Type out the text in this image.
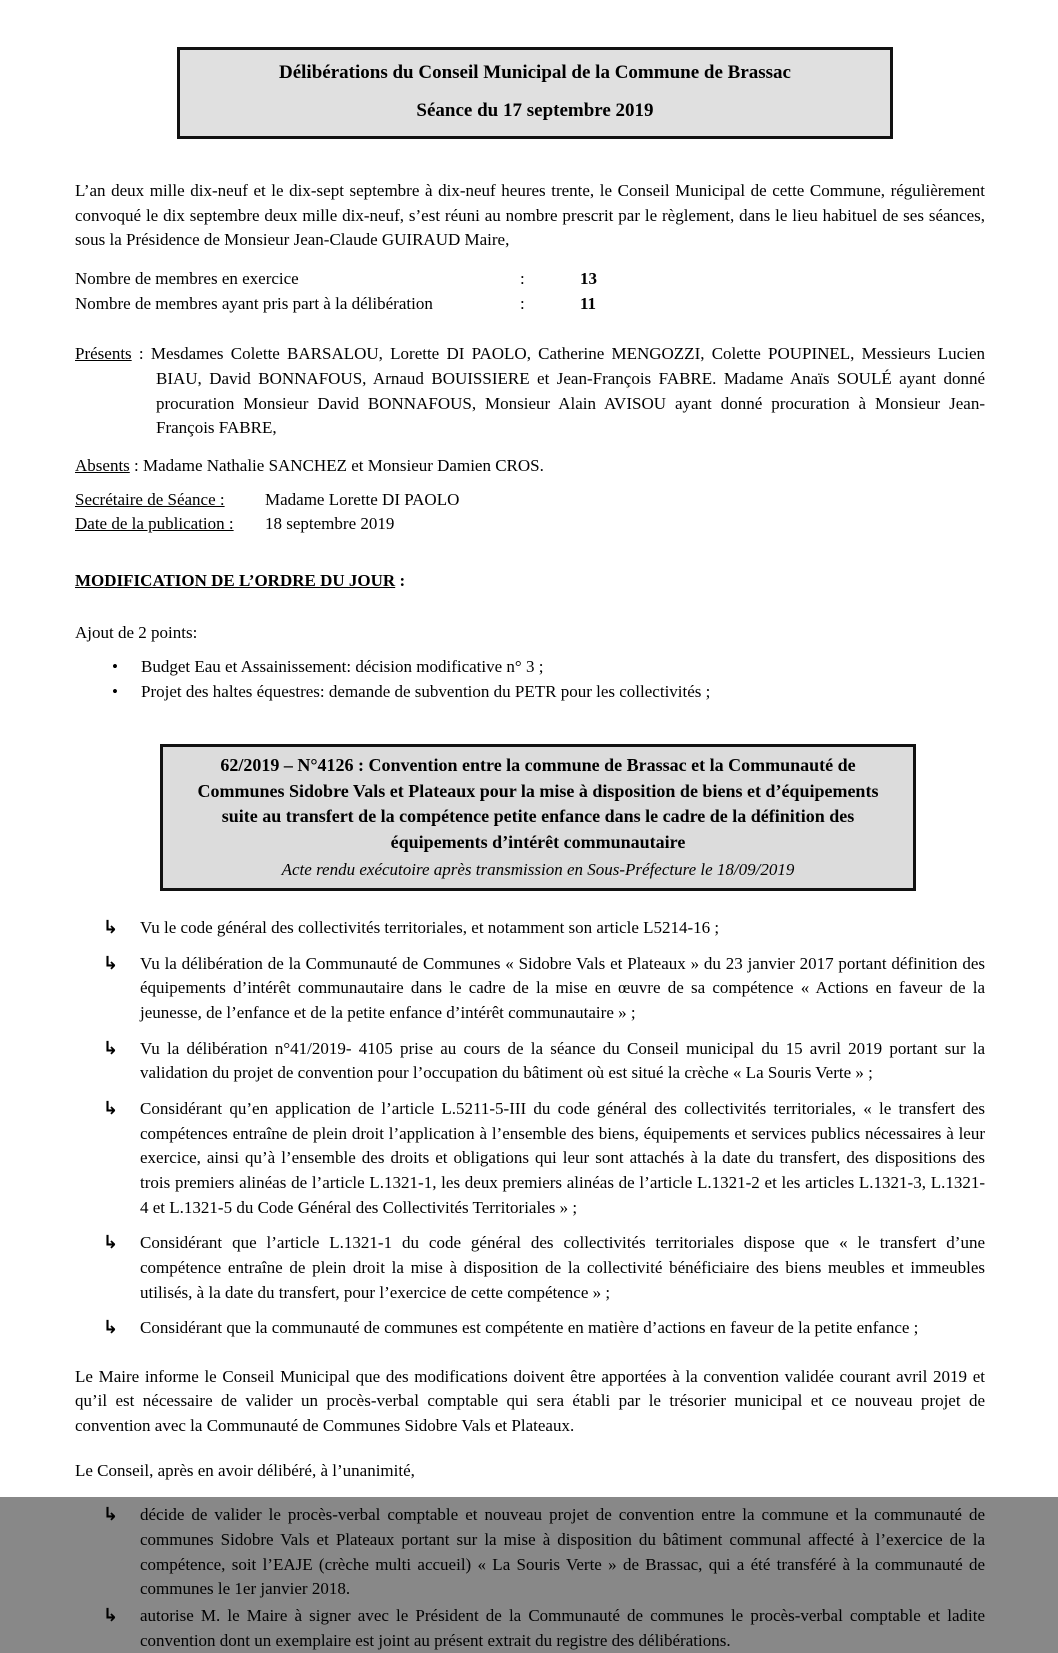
Délibérations du Conseil Municipal de la Commune de Brassac
Séance du 17 septembre 2019

L’an deux mille dix-neuf et le dix-sept septembre à dix-neuf heures trente, le Conseil Municipal de cette Commune, régulièrement convoqué le dix septembre deux mille dix-neuf, s’est réuni au nombre prescrit par le règlement, dans le lieu habituel de ses séances, sous la Présidence de Monsieur Jean-Claude GUIRAUD Maire,

Nombre de membres en exercice	:	13
Nombre de membres ayant pris part à la délibération	:	11

Présents : Mesdames Colette BARSALOU, Lorette DI PAOLO, Catherine MENGOZZI, Colette POUPINEL, Messieurs Lucien BIAU, David BONNAFOUS, Arnaud BOUISSIERE et Jean-François FABRE. Madame Anaïs SOULÉ ayant donné procuration Monsieur David BONNAFOUS, Monsieur Alain AVISOU ayant donné procuration à Monsieur Jean-François FABRE,

Absents : Madame Nathalie SANCHEZ et Monsieur Damien CROS.

Secrétaire de Séance :	Madame Lorette DI PAOLO
Date de la publication :	18 septembre 2019

MODIFICATION DE L’ORDRE DU JOUR :

Ajout de 2 points:

•	Budget Eau et Assainissement: décision modificative n° 3 ;
•	Projet des haltes équestres: demande de subvention du PETR pour les collectivités ;
62/2019 – N°4126 : Convention entre la commune de Brassac et la Communauté de Communes Sidobre Vals et Plateaux pour la mise à disposition de biens et d’équipements suite au transfert de la compétence petite enfance dans le cadre de la définition des équipements d’intérêt communautaire
Acte rendu exécutoire après transmission en Sous-Préfecture le 18/09/2019
↳	Vu le code général des collectivités territoriales, et notamment son article L5214-16 ;
↳	Vu la délibération de la Communauté de Communes « Sidobre Vals et Plateaux » du 23 janvier 2017 portant définition des équipements d’intérêt communautaire dans le cadre de la mise en œuvre de sa compétence « Actions en faveur de la jeunesse, de l’enfance et de la petite enfance d’intérêt communautaire » ;
↳	Vu la délibération n°41/2019- 4105 prise au cours de la séance du Conseil municipal du 15 avril 2019 portant sur la validation du projet de convention pour l’occupation du bâtiment où est situé la crèche « La Souris Verte » ;
↳	Considérant qu’en application de l’article L.5211-5-III du code général des collectivités territoriales, « le transfert des compétences entraîne de plein droit l’application à l’ensemble des biens, équipements et services publics nécessaires à leur exercice, ainsi qu’à l’ensemble des droits et obligations qui leur sont attachés à la date du transfert, des dispositions des trois premiers alinéas de l’article L.1321-1, les deux premiers alinéas de l’article L.1321-2 et les articles L.1321-3, L.1321-4 et L.1321-5 du Code Général des Collectivités Territoriales » ;
↳	Considérant que l’article L.1321-1 du code général des collectivités territoriales dispose que « le transfert d’une compétence entraîne de plein droit la mise à disposition de la collectivité bénéficiaire des biens meubles et immeubles utilisés, à la date du transfert, pour l’exercice de cette compétence » ;
↳	Considérant que la communauté de communes est compétente en matière d’actions en faveur de la petite enfance ;

Le Maire informe le Conseil Municipal que des modifications doivent être apportées à la convention validée courant avril 2019 et qu’il est nécessaire de valider un procès-verbal comptable qui sera établi par le trésorier municipal et ce nouveau projet de convention avec la Communauté de Communes Sidobre Vals et Plateaux.

Le Conseil, après en avoir délibéré, à l’unanimité,

↳	décide de valider le procès-verbal comptable et nouveau projet de convention entre la commune et la communauté de communes Sidobre Vals et Plateaux portant sur la mise à disposition du bâtiment communal affecté à l’exercice de la compétence, soit l’EAJE (crèche multi accueil) « La Souris Verte » de Brassac, qui a été transféré à la communauté de communes le 1er janvier 2018.
↳	autorise M. le Maire à signer avec le Président de la Communauté de communes le procès-verbal comptable et ladite convention dont un exemplaire est joint au présent extrait du registre des délibérations.
